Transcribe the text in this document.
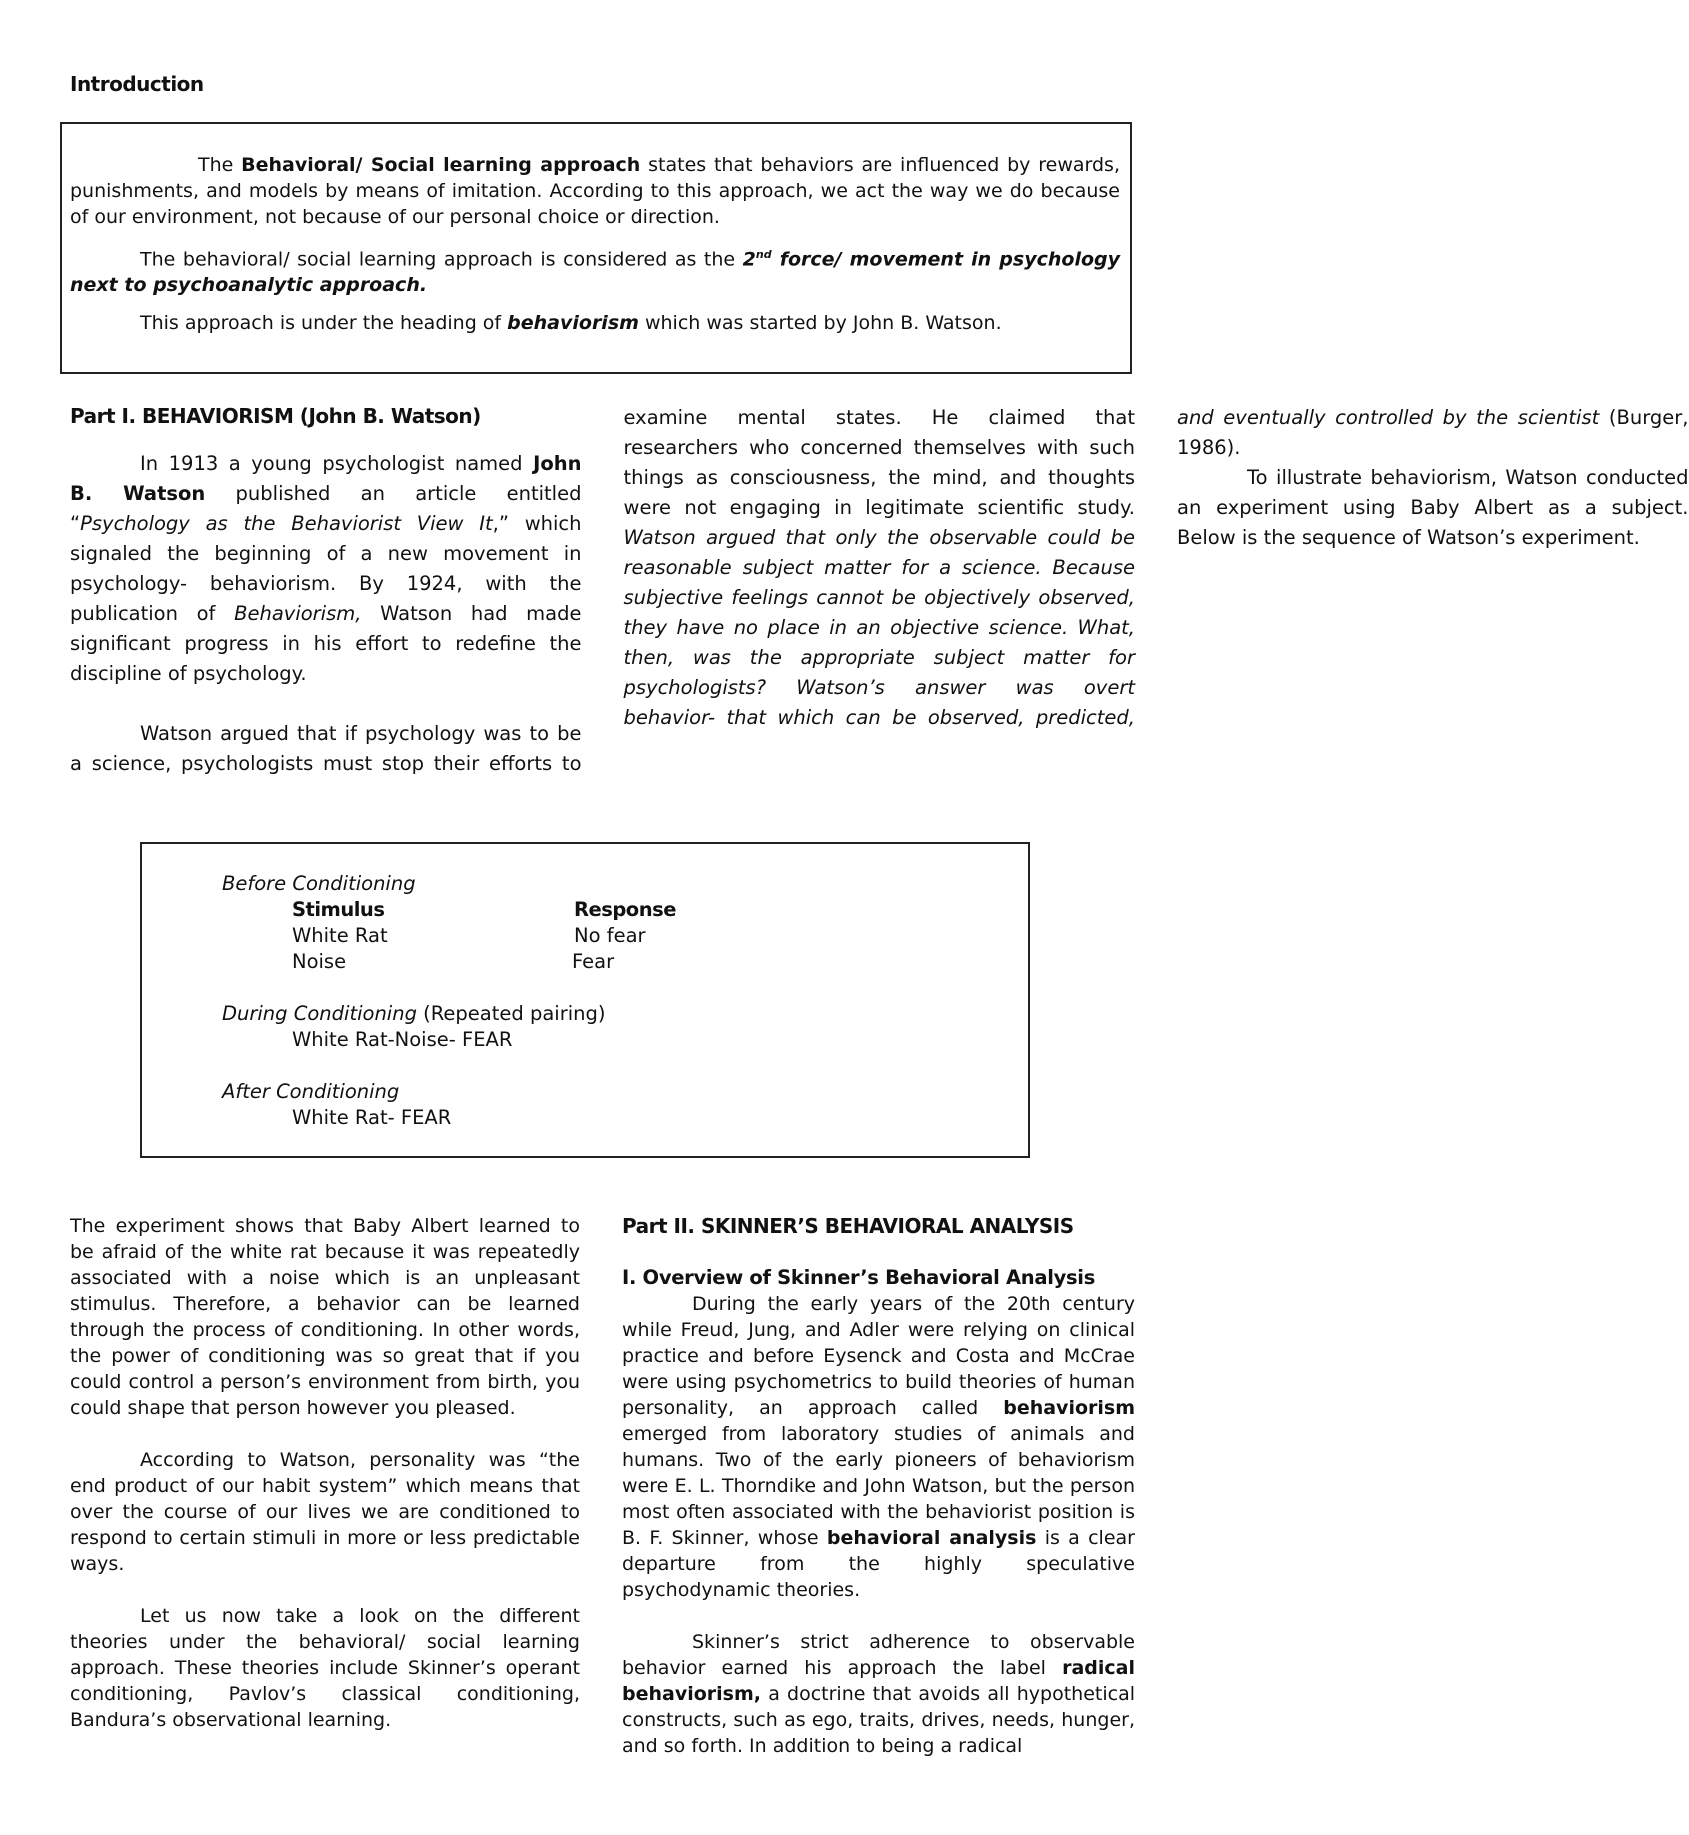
Introduction

The Behavioral/ Social learning approach states that behaviors are influenced by rewards, punishments, and models by means of imitation. According to this approach, we act the way we do because of our environment, not because of our personal choice or direction.

The behavioral/ social learning approach is considered as the 2nd force/ movement in psychology next to psychoanalytic approach.

This approach is under the heading of behaviorism which was started by John B. Watson.

Part I. BEHAVIORISM (John B. Watson)

In 1913 a young psychologist named John B. Watson published an article entitled “Psychology as the Behaviorist View It,” which signaled the beginning of a new movement in psychology- behaviorism. By 1924, with the publication of Behaviorism, Watson had made significant progress in his effort to redefine the discipline of psychology.

Watson argued that if psychology was to be a science, psychologists must stop their efforts to examine mental states. He claimed that researchers who concerned themselves with such things as consciousness, the mind, and thoughts were not engaging in legitimate scientific study. Watson argued that only the observable could be reasonable subject matter for a science. Because subjective feelings cannot be objectively observed, they have no place in an objective science. What, then, was the appropriate subject matter for psychologists? Watson’s answer was overt behavior- that which can be observed, predicted, and eventually controlled by the scientist (Burger, 1986).

To illustrate behaviorism, Watson conducted an experiment using Baby Albert as a subject. Below is the sequence of Watson’s experiment.

Before Conditioning
Stimulus	Response
White Rat	No fear
Noise	Fear
During Conditioning (Repeated pairing)
White Rat-Noise- FEAR
After Conditioning
White Rat- FEAR

The experiment shows that Baby Albert learned to be afraid of the white rat because it was repeatedly associated with a noise which is an unpleasant stimulus. Therefore, a behavior can be learned through the process of conditioning. In other words, the power of conditioning was so great that if you could control a person’s environment from birth, you could shape that person however you pleased.

According to Watson, personality was “the end product of our habit system” which means that over the course of our lives we are conditioned to respond to certain stimuli in more or less predictable ways.

Let us now take a look on the different theories under the behavioral/ social learning approach. These theories include Skinner’s operant conditioning, Pavlov’s classical conditioning, Bandura’s observational learning.

Part II. SKINNER’S BEHAVIORAL ANALYSIS
I. Overview of Skinner’s Behavioral Analysis

During the early years of the 20th century while Freud, Jung, and Adler were relying on clinical practice and before Eysenck and Costa and McCrae were using psychometrics to build theories of human personality, an approach called behaviorism emerged from laboratory studies of animals and humans. Two of the early pioneers of behaviorism were E. L. Thorndike and John Watson, but the person most often associated with the behaviorist position is B. F. Skinner, whose behavioral analysis is a clear departure from the highly speculative psychodynamic theories.

Skinner’s strict adherence to observable behavior earned his approach the label radical behaviorism, a doctrine that avoids all hypothetical constructs, such as ego, traits, drives, needs, hunger, and so forth. In addition to being a radical
